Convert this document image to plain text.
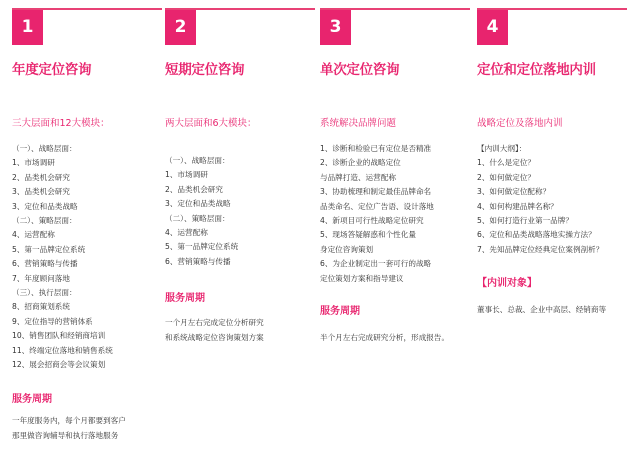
1
年度定位咨询
三大层面和12大模块：
（一）、战略层面：
1、市场调研
2、品类机会研究
3、品类机会研究
3、定位和品类战略
（二）、策略层面：
4、运营配称
5、第一品牌定位系统
6、营销策略与传播
7、年度顾问落地
（三）、执行层面：
8、招商策划系统
9、定位指导的营销体系
10、销售团队和经销商培训
11、终端定位落地和销售系统
12、展会招商会等会议策划
服务周期
一年度服务内，每个月都要到客户
那里做咨询辅导和执行落地服务
2
短期定位咨询
两大层面和6大模块：
（一）、战略层面：
1、市场调研
2、品类机会研究
3、定位和品类战略
（二）、策略层面：
4、运营配称
5、第一品牌定位系统
6、营销策略与传播
服务周期
一个月左右完成定位分析研究
和系统战略定位咨询策划方案
3
单次定位咨询
系统解决品牌问题
1、诊断和检验已有定位是否精准
2、诊断企业的战略定位
与品牌打造、运营配称
3、协助梳理和制定最佳品牌命名
品类命名、定位广告语、设计落地
4、新项目可行性战略定位研究
5、现场答疑解惑和个性化量
身定位咨询策划
6、为企业制定出一套可行的战略
定位策划方案和指导建议
服务周期
半个月左右完成研究分析，形成报告。
4
定位和定位落地内训
战略定位及落地内训
【内训大纲】：
1、什么是定位？
2、如何做定位？
3、如何做定位配称？
4、如何构建品牌名称？
5、如何打造行业第一品牌？
6、定位和品类战略落地实操方法？
7、先知品牌定位经典定位案例剖析？
【内训对象】
董事长、总裁、企业中高层、经销商等
